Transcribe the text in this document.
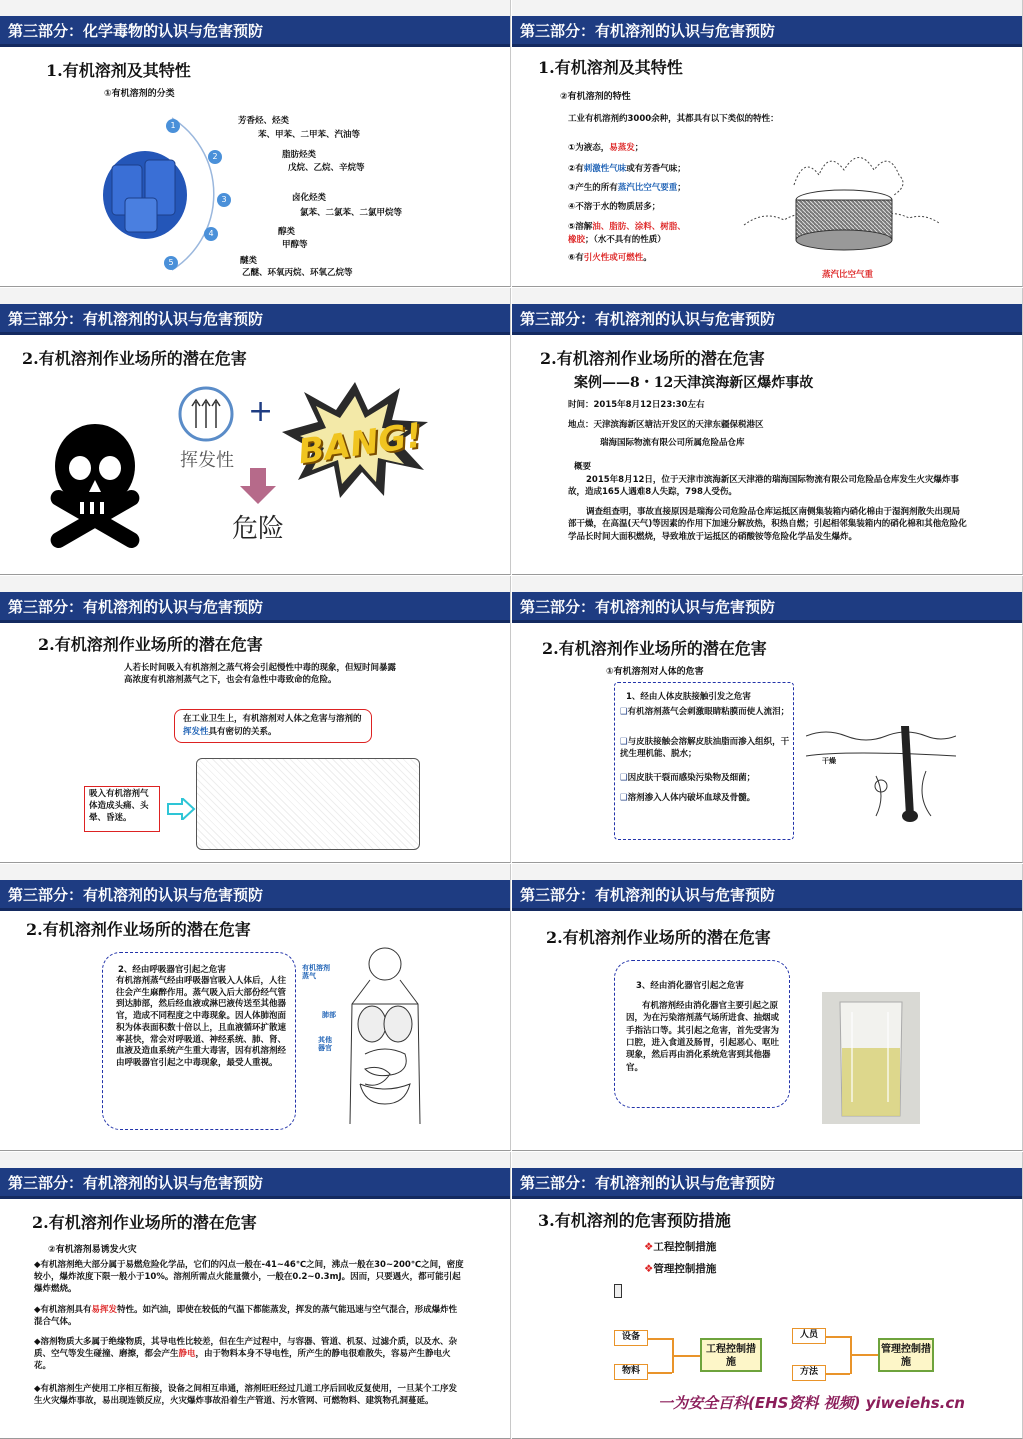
第三部分：化学毒物的认识与危害预防
1.有机溶剂及其特性
①有机溶剂的分类
1
2
3
4
5
芳香烃、烃类
苯、甲苯、二甲苯、汽油等
脂肪烃类
戊烷、乙烷、辛烷等
卤化烃类
氯苯、二氯苯、二氯甲烷等
醇类
甲醇等
醚类
乙醚、环氧丙烷、环氧乙烷等
第三部分：有机溶剂的认识与危害预防
1.有机溶剂及其特性
②有机溶剂的特性
工业有机溶剂约3000余种，其都具有以下类似的特性：
①为液态，易蒸发；
②有刺激性气味或有芳香气味；
③产生的所有蒸汽比空气要重；
④不溶于水的物质居多；
⑤溶解油、脂肪、涂料、树脂、
橡胶；（水不具有的性质）
⑥有引火性或可燃性。
蒸汽比空气重
第三部分：有机溶剂的认识与危害预防
2.有机溶剂作业场所的潜在危害
+
挥发性
危险
BANG!
第三部分：有机溶剂的认识与危害预防
2.有机溶剂作业场所的潜在危害
案例——8・12天津滨海新区爆炸事故
时间：2015年8月12日23:30左右
地点：天津滨海新区塘沽开发区的天津东疆保税港区
瑞海国际物流有限公司所属危险品仓库
概要
2015年8月12日，位于天津市滨海新区天津港的瑞海国际物流有限公司危险品仓库发生火灾爆炸事故，造成165人遇难8人失踪，798人受伤。
调查组查明，事故直接原因是瑞海公司危险品仓库运抵区南侧集装箱内硝化棉由于湿润剂散失出现局部干燥，在高温(天气)等因素的作用下加速分解放热，积热自燃；引起相邻集装箱内的硝化棉和其他危险化学品长时间大面积燃烧，导致堆放于运抵区的硝酸铵等危险化学品发生爆炸。
第三部分：有机溶剂的认识与危害预防
2.有机溶剂作业场所的潜在危害
人若长时间吸入有机溶剂之蒸气将会引起慢性中毒的现象，但短时间暴露高浓度有机溶剂蒸气之下，也会有急性中毒致命的危险。
在工业卫生上，有机溶剂对人体之危害与溶剂的挥发性具有密切的关系。
吸入有机溶剂气体造成头痛、头晕、昏迷。
第三部分：有机溶剂的认识与危害预防
2.有机溶剂作业场所的潜在危害
①有机溶剂对人体的危害
1、经由人体皮肤接触引发之危害
❑有机溶剂蒸气会刺激眼睛粘膜而使人流泪；
❑与皮肤接触会溶解皮肤油脂而渗入组织，干扰生理机能、脱水；
❑因皮肤干裂而感染污染物及细菌；
❑溶剂渗入人体内破坏血球及骨髓。
干燥
第三部分：有机溶剂的认识与危害预防
2.有机溶剂作业场所的潜在危害
2、经由呼吸器官引起之危害
有机溶剂蒸气经由呼吸器官吸入人体后，人往往会产生麻醉作用。蒸气吸入后大部份经气管到达肺部，然后经血液或淋巴液传送至其他器官，造成不同程度之中毒现象。因人体肺泡面积为体表面积数十倍以上，且血液循环扩散速率甚快，常会对呼吸道、神经系统、肺、肾、血液及造血系统产生重大毒害，因有机溶剂经由呼吸器官引起之中毒现象，最受人重视。
有机溶剂蒸气
肺部
其他器官
第三部分：有机溶剂的认识与危害预防
2.有机溶剂作业场所的潜在危害
3、经由消化器官引起之危害
有机溶剂经由消化器官主要引起之原因，为在污染溶剂蒸气场所进食、抽烟或手指沾口等。其引起之危害，首先受害为口腔，进入食道及肠胃，引起恶心、呕吐现象，然后再由消化系统危害到其他器官。
第三部分：有机溶剂的认识与危害预防
2.有机溶剂作业场所的潜在危害
②有机溶剂易诱发火灾
◆有机溶剂绝大部分属于易燃危险化学品，它们的闪点一般在-41~46℃之间，沸点一般在30~200℃之间，密度较小，爆炸浓度下限一般小于10%。溶剂所需点火能量微小，一般在0.2~0.3mJ。因而，只要遇火，都可能引起爆炸燃烧。
◆有机溶剂具有易挥发特性。如汽油，即使在较低的气温下都能蒸发，挥发的蒸气能迅速与空气混合，形成爆炸性混合气体。
◆溶剂物质大多属于绝缘物质，其导电性比较差，但在生产过程中，与容器、管道、机泵、过滤介质，以及水、杂质、空气等发生碰撞、磨擦，都会产生静电，由于物料本身不导电性，所产生的静电很难散失，容易产生静电火花。
◆有机溶剂生产使用工序相互衔接，设备之间相互串通，溶剂旺旺经过几道工序后回收反复使用，一旦某个工序发生火灾爆炸事故，易出现连锁反应，火灾爆炸事故沿着生产管道、污水管网、可燃物料、建筑物孔洞蔓延。
第三部分：有机溶剂的认识与危害预防
3.有机溶剂的危害预防措施
❖工程控制措施
❖管理控制措施
设备
物料
工程控制措施
人员
方法
管理控制措施
一为安全百科(EHS资料 视频) yiweiehs.cn
